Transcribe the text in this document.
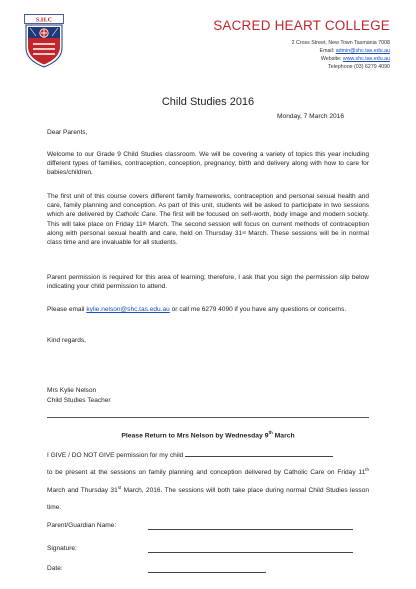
S.H.C	SACRED HEART COLLEGE
2 Cross Street, New Town Tasmania 7008
Email: admin@shc.tas.edu.au
Website: www.shc.tas.edu.au
Telephone (03) 6279 4090
Child Studies 2016
Monday, 7 March 2016
Dear Parents,
Welcome to our Grade 9 Child Studies classroom. We will be covering a variety of topics this year including different types of families, contraception, conception, pregnancy, birth and delivery along with how to care for babies/children.
The first unit of this course covers different family frameworks, contraception and personal sexual health and care, family planning and conception. As part of this unit, students will be asked to participate in two sessions which are delivered by Catholic Care. The first will be focused on self-worth, body image and modern society. This will take place on Friday 11th March. The second session will focus on current methods of contraception along with personal sexual health and care, held on Thursday 31st March. These sessions will be in normal class time and are invaluable for all students.
Parent permission is required for this area of learning; therefore, I ask that you sign the permission slip below indicating your child permission to attend.
Please email kylie.nelson@shc.tas.edu.au or call me 6279 4090 if you have any questions or concerns.
Kind regards,
Mrs Kylie Nelson
Child Studies Teacher
Please Return to Mrs Nelson by Wednesday 9th March
I GIVE / DO NOT GIVE permission for my child
to be present at the sessions on family planning and conception delivered by Catholic Care on Friday 11th March and Thursday 31st March, 2016. The sessions will both take place during normal Child Studies lesson time.
Parent/Guardian Name:
Signature:
Date:
